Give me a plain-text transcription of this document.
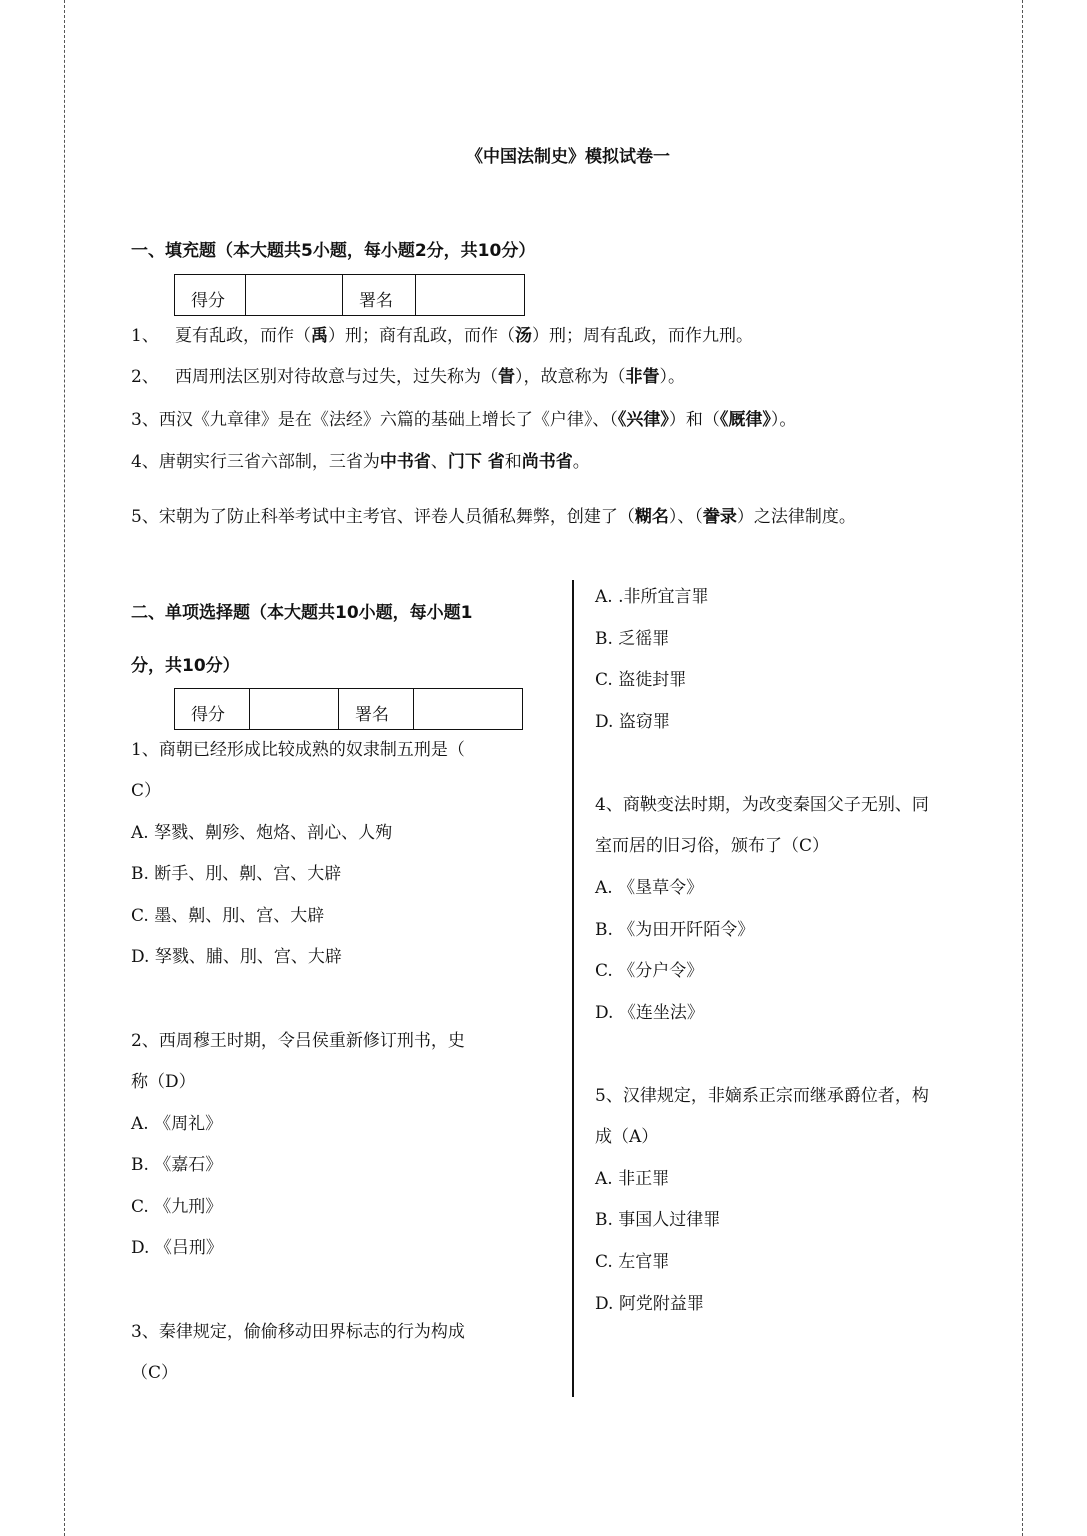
《中国法制史》模拟试卷一
一、填充题（本大题共5小题，每小题2分，共10分）
得分		署名

1、 夏有乱政，而作（禹）刑；商有乱政，而作（汤）刑；周有乱政，而作九刑。
2、 西周刑法区别对待故意与过失，过失称为（眚），故意称为（非眚）。
3、西汉《九章律》是在《法经》六篇的基础上增长了《户律》、（《兴律》）和（《厩律》）。
4、唐朝实行三省六部制，三省为中书省、门下 省和尚书省。
5、宋朝为了防止科举考试中主考官、评卷人员循私舞弊，创建了（糊名）、（誊录）之法律制度。
二、单项选择题（本大题共10小题，每小题1
分，共10分）
得分		署名

1、商朝已经形成比较成熟的奴隶制五刑是（
C）
A. 孥戮、劓殄、炮烙、剖心、人殉
B. 断手、刖、劓、宫、大辟
C. 墨、劓、刖、宫、大辟
D. 孥戮、脯、刖、宫、大辟
2、西周穆王时期，令吕侯重新修订刑书，史
称（D）
A. 《周礼》
B. 《嘉石》
C. 《九刑》
D. 《吕刑》
3、秦律规定，偷偷移动田界标志的行为构成
（C）
A. .非所宜言罪
B. 乏徭罪
C. 盗徙封罪
D. 盗窃罪
4、商鞅变法时期，为改变秦国父子无别、同
室而居的旧习俗，颁布了（C）
A. 《垦草令》
B. 《为田开阡陌令》
C. 《分户令》
D. 《连坐法》
5、汉律规定，非嫡系正宗而继承爵位者，构
成（A）
A. 非正罪
B. 事国人过律罪
C. 左官罪
D. 阿党附益罪
